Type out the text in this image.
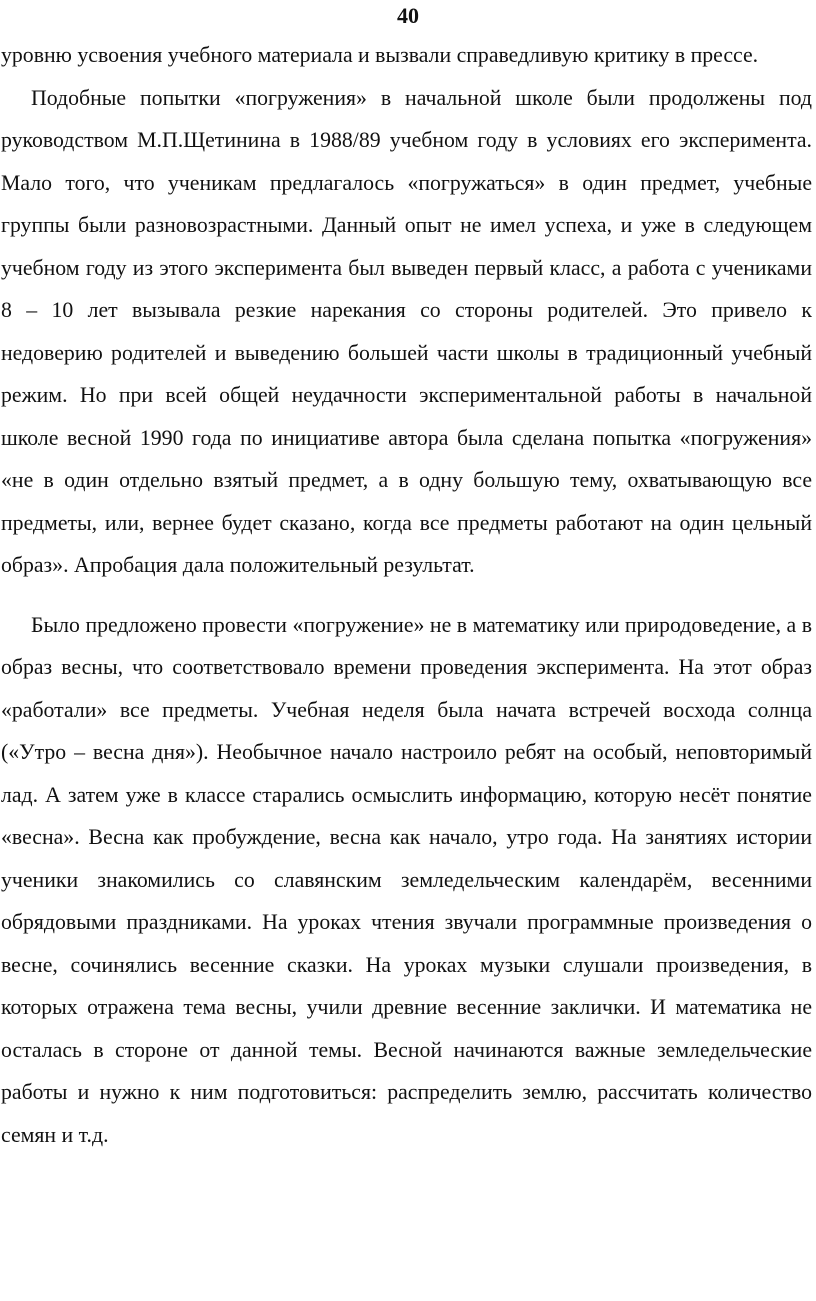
40

уровню усвоения учебного материала и вызвали справедливую критику в прессе.

Подобные попытки «погружения» в начальной школе были продолжены под руководством М.П.Щетинина в 1988/89 учебном году в условиях его эксперимента. Мало того, что ученикам предлагалось «погружаться» в один предмет, учебные группы были разновозрастными. Данный опыт не имел успеха, и уже в следующем учебном году из этого эксперимента был выведен первый класс, а работа с учениками 8 – 10 лет вызывала резкие нарекания со стороны родителей. Это привело к недоверию родителей и выведению большей части школы в традиционный учебный режим. Но при всей общей неудачности экспериментальной работы в начальной школе весной 1990 года по инициативе автора была сделана попытка «погружения» «не в один отдельно взятый предмет, а в одну большую тему, охватывающую все предметы, или, вернее будет сказано, когда все предметы работают на один цельный образ». Апробация дала положительный результат.

Было предложено провести «погружение» не в математику или природоведение, а в образ весны, что соответствовало времени проведения эксперимента. На этот образ «работали» все предметы. Учебная неделя была начата встречей восхода солнца («Утро – весна дня»). Необычное начало настроило ребят на особый, неповторимый лад. А затем уже в классе старались осмыслить информацию, которую несёт понятие «весна». Весна как пробуждение, весна как начало, утро года. На занятиях истории ученики знакомились со славянским земледельческим календарём, весенними обрядовыми праздниками. На уроках чтения звучали программные произведения о весне, сочинялись весенние сказки. На уроках музыки слушали произведения, в которых отражена тема весны, учили древние весенние заклички. И математика не осталась в стороне от данной темы. Весной начинаются важные земледельческие работы и нужно к ним подготовиться: распределить землю, рассчитать количество семян и т.д.
